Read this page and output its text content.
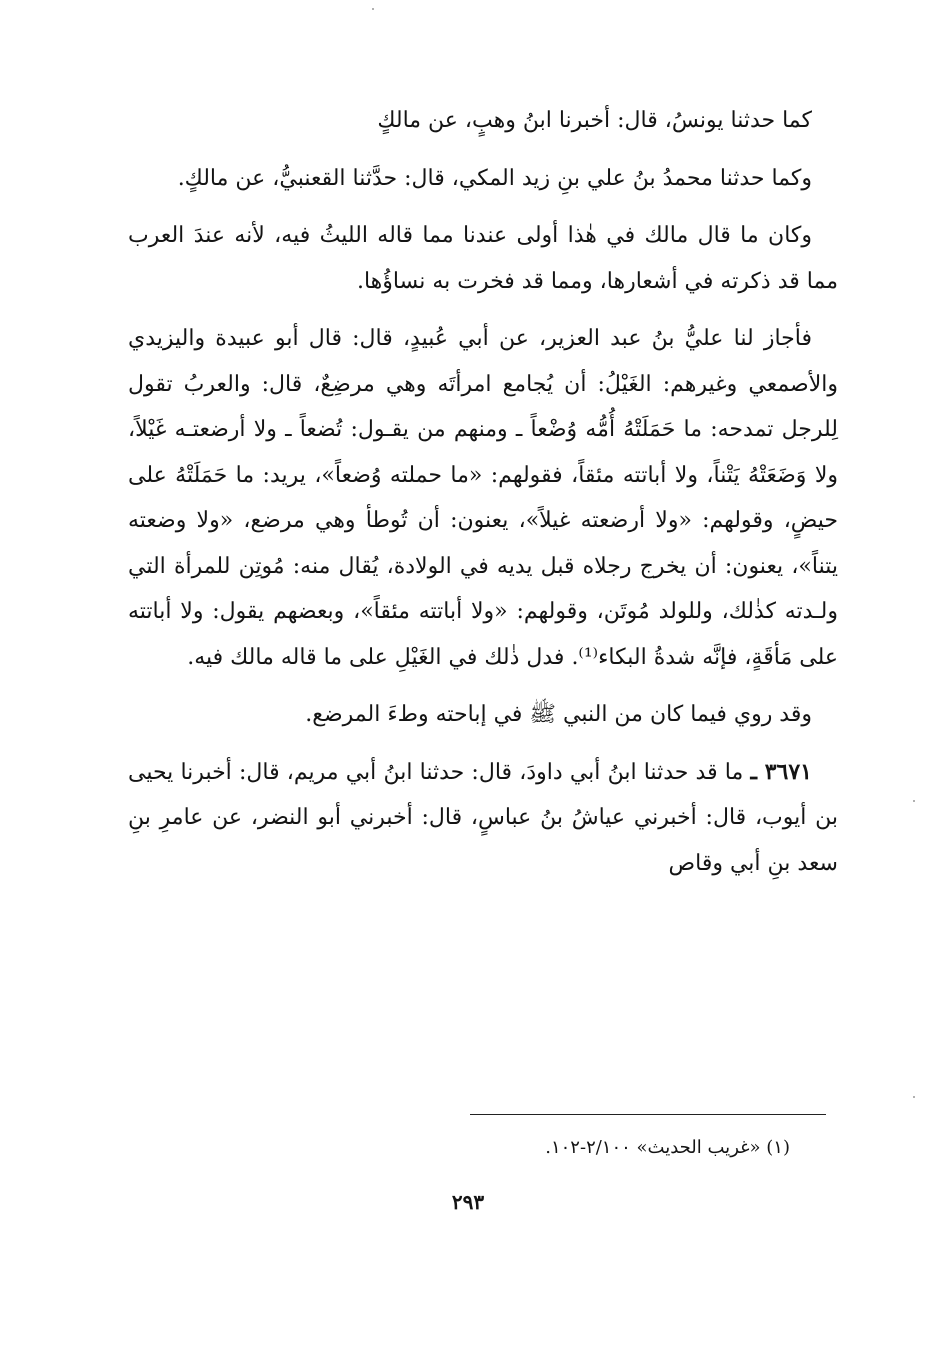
كما حدثنا يونسُ، قال: أخبرنا ابنُ وهبٍ، عن مالكٍ

وكما حدثنا محمدُ بنُ علي بنِ زيد المكي، قال: حدَّثنا القعنبيُّ، عن مالكٍ.

وكان ما قال مالك في هٰذا أولى عندنا مما قاله الليثُ فيه، لأنه عندَ العرب مما قد ذكرته في أشعارها، ومما قد فخرت به نساؤُها.

فأجاز لنا عليُّ بنُ عبد العزير، عن أبي عُبيدٍ، قال: قال أبو عبيدة واليزيدي والأصمعي وغيرهم: الغَيْلُ: أن يُجامع امرأتَه وهي مرضِعٌ، قال: والعربُ تقول لِلرجل تمدحه: ما حَمَلَتْهُ أُمُّه وُضْعاً ـ ومنهم من يقـول: تُضعاً ـ ولا أرضعتـه غَيْلاً، ولا وَضَعَتْهُ يَتْناً، ولا أباتته مئقاً، فقولهم: «ما حملته وُضعاً»، يريد: ما حَمَلَتْهُ على حيضٍ، وقولهم: «ولا أرضعته غيلاً»، يعنون: أن تُوطأ وهي مرضع، «ولا وضعته يتناً»، يعنون: أن يخرج رجلاه قبل يديه في الولادة، يُقال منه: مُوتِن للمرأة التي ولـدته كذٰلك، وللولد مُوتَن، وقولهم: «ولا أباتته مئقاً»، وبعضهم يقول: ولا أباتته على مَأقَةٍ، فإنَّه شدةُ البكاء⁽¹⁾. فدل ذٰلك في الغَيْلِ على ما قاله مالك فيه.

وقد روي فيما كان من النبي ﷺ في إباحته وطءَ المرضع.

٣٦٧١ ـ ما قد حدثنا ابنُ أبي داودَ، قال: حدثنا ابنُ أبي مريم، قال: أخبرنا يحيى بن أيوب، قال: أخبرني عياشُ بنُ عباسٍ، قال: أخبرني أبو النضر، عن عامرِ بنِ سعد بنِ أبي وقاص

(١) «غريب الحديث» ٢/١٠٠-١٠٢.
٢٩٣
